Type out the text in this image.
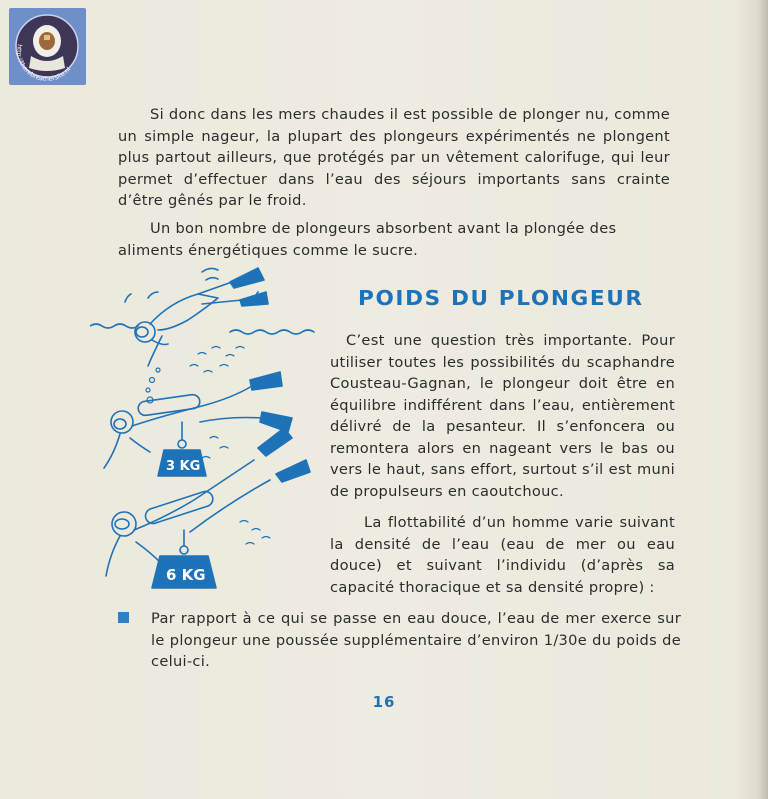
http://therebreathersite.nl

Si donc dans les mers chaudes il est possible de plonger nu, comme un simple nageur, la plupart des plongeurs expérimentés ne plongent plus partout ailleurs, que protégés par un vêtement calorifuge, qui leur permet d’effectuer dans l’eau des séjours importants sans crainte d’être gênés par le froid.

Un bon nombre de plongeurs absorbent avant la plongée des aliments énergétiques comme le sucre.

POIDS DU PLONGEUR

C’est une question très importante. Pour utiliser toutes les possibilités du scaphandre Cousteau-Gagnan, le plongeur doit être en équilibre indifférent dans l’eau, entièrement délivré de la pesanteur. Il s’enfoncera ou remontera alors en nageant vers le bas ou vers le haut, sans effort, surtout s’il est muni de propulseurs en caoutchouc.

La flottabilité d’un homme varie suivant la densité de l’eau (eau de mer ou eau douce) et suivant l’individu (d’après sa capacité thoracique et sa densité propre) :

Par rapport à ce qui se passe en eau douce, l’eau de mer exerce sur le plongeur une poussée supplémentaire d’environ 1/30e du poids de celui-ci.

16
3 KG
6 KG
